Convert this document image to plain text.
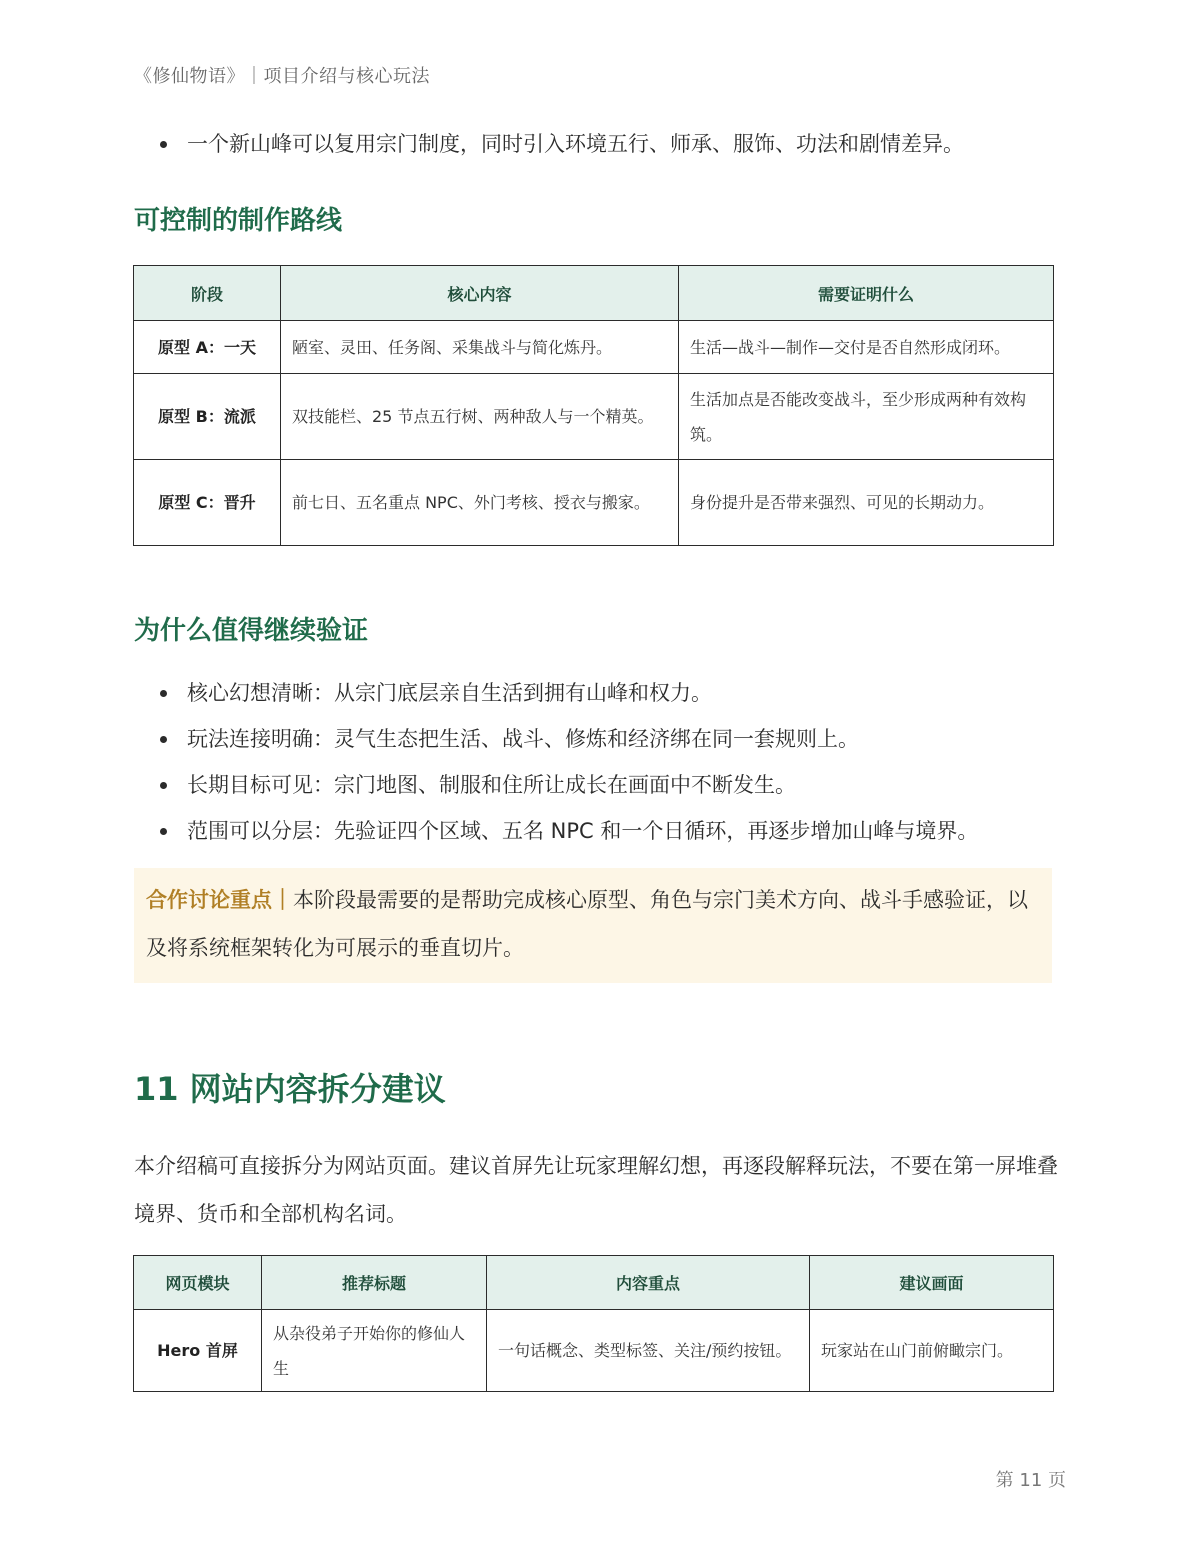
《修仙物语》｜项目介绍与核心玩法
一个新山峰可以复用宗门制度，同时引入环境五行、师承、服饰、功法和剧情差异。
可控制的制作路线
阶段	核心内容	需要证明什么
原型 A：一天	陋室、灵田、任务阁、采集战斗与简化炼丹。	生活—战斗—制作—交付是否自然形成闭环。
原型 B：流派	双技能栏、25 节点五行树、两种敌人与一个精英。	生活加点是否能改变战斗，至少形成两种有效构筑。
原型 C：晋升	前七日、五名重点 NPC、外门考核、授衣与搬家。	身份提升是否带来强烈、可见的长期动力。
为什么值得继续验证
核心幻想清晰：从宗门底层亲自生活到拥有山峰和权力。
玩法连接明确：灵气生态把生活、战斗、修炼和经济绑在同一套规则上。
长期目标可见：宗门地图、制服和住所让成长在画面中不断发生。
范围可以分层：先验证四个区域、五名 NPC 和一个日循环，再逐步增加山峰与境界。
合作讨论重点｜本阶段最需要的是帮助完成核心原型、角色与宗门美术方向、战斗手感验证，以及将系统框架转化为可展示的垂直切片。
11 网站内容拆分建议

本介绍稿可直接拆分为网站页面。建议首屏先让玩家理解幻想，再逐段解释玩法，不要在第一屏堆叠境界、货币和全部机构名词。

网页模块	推荐标题	内容重点	建议画面
Hero 首屏	从杂役弟子开始你的修仙人生	一句话概念、类型标签、关注/预约按钮。	玩家站在山门前俯瞰宗门。
第 11 页
